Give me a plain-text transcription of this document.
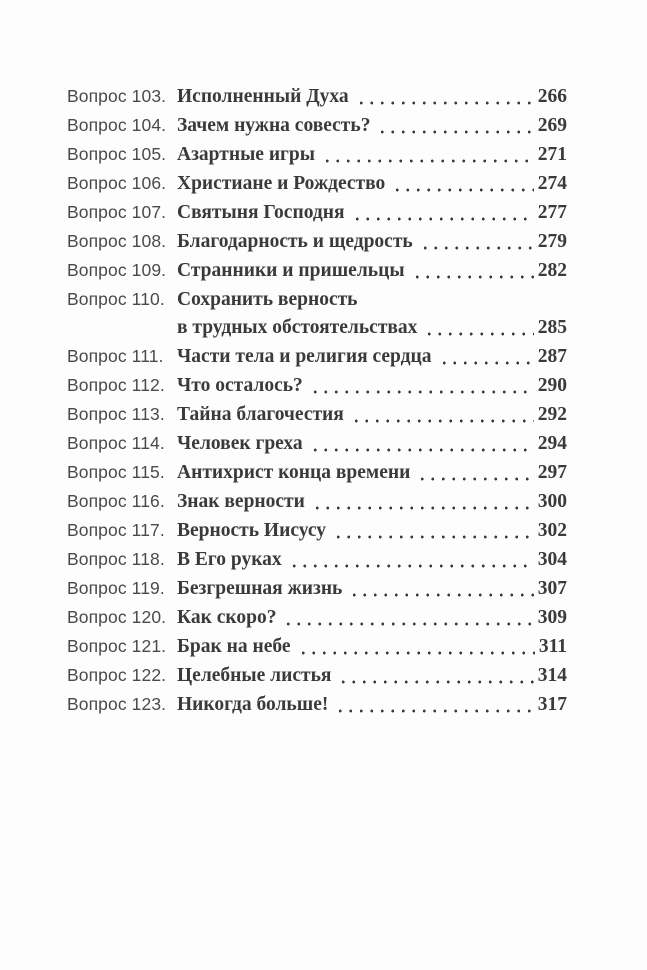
Вопрос 103. Исполненный Духа	266
Вопрос 104. Зачем нужна совесть?	269
Вопрос 105. Азартные игры	271
Вопрос 106. Христиане и Рождество	274
Вопрос 107. Святыня Господня	277
Вопрос 108. Благодарность и щедрость	279
Вопрос 109. Странники и пришельцы	282
Вопрос 110. Сохранить верность
в трудных обстоятельствах	285
Вопрос 111. Части тела и религия сердца	287
Вопрос 112. Что осталось?	290
Вопрос 113. Тайна благочестия	292
Вопрос 114. Человек греха	294
Вопрос 115. Антихрист конца времени	297
Вопрос 116. Знак верности	300
Вопрос 117. Верность Иисусу	302
Вопрос 118. В Его руках	304
Вопрос 119. Безгрешная жизнь	307
Вопрос 120. Как скоро?	309
Вопрос 121. Брак на небе	311
Вопрос 122. Целебные листья	314
Вопрос 123. Никогда больше!	317
